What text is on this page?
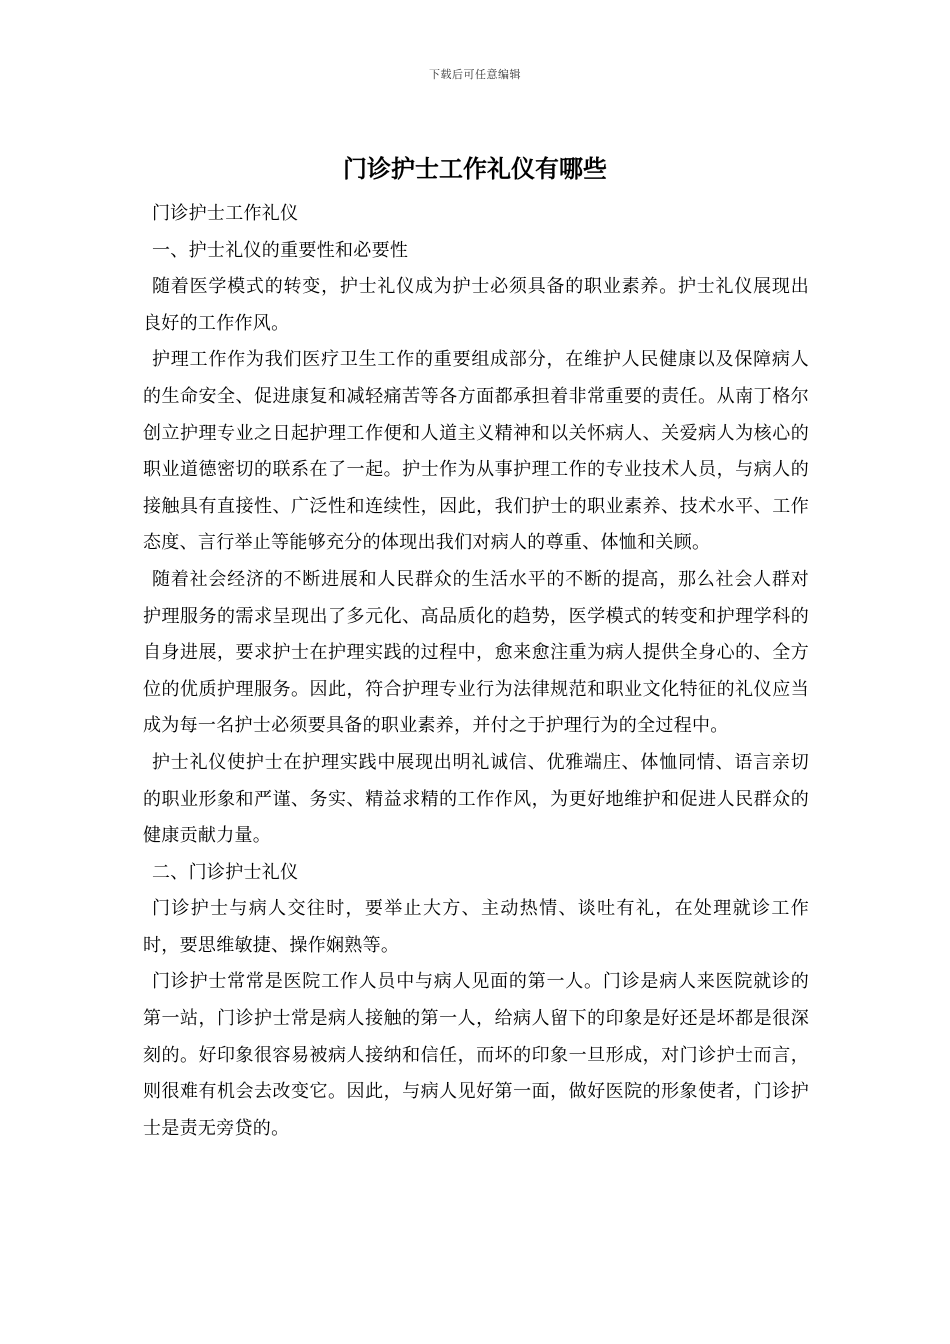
下载后可任意编辑
门诊护士工作礼仪有哪些

门诊护士工作礼仪

一、护士礼仪的重要性和必要性

随着医学模式的转变，护士礼仪成为护士必须具备的职业素养。护士礼仪展现出良好的工作作风。

护理工作作为我们医疗卫生工作的重要组成部分，在维护人民健康以及保障病人的生命安全、促进康复和减轻痛苦等各方面都承担着非常重要的责任。从南丁格尔创立护理专业之日起护理工作便和人道主义精神和以关怀病人、关爱病人为核心的职业道德密切的联系在了一起。护士作为从事护理工作的专业技术人员，与病人的接触具有直接性、广泛性和连续性，因此，我们护士的职业素养、技术水平、工作态度、言行举止等能够充分的体现出我们对病人的尊重、体恤和关顾。

随着社会经济的不断进展和人民群众的生活水平的不断的提高，那么社会人群对护理服务的需求呈现出了多元化、高品质化的趋势，医学模式的转变和护理学科的自身进展，要求护士在护理实践的过程中，愈来愈注重为病人提供全身心的、全方位的优质护理服务。因此，符合护理专业行为法律规范和职业文化特征的礼仪应当成为每一名护士必须要具备的职业素养，并付之于护理行为的全过程中。

护士礼仪使护士在护理实践中展现出明礼诚信、优雅端庄、体恤同情、语言亲切的职业形象和严谨、务实、精益求精的工作作风，为更好地维护和促进人民群众的健康贡献力量。

二、门诊护士礼仪

门诊护士与病人交往时，要举止大方、主动热情、谈吐有礼，在处理就诊工作时，要思维敏捷、操作娴熟等。

门诊护士常常是医院工作人员中与病人见面的第一人。门诊是病人来医院就诊的第一站，门诊护士常是病人接触的第一人，给病人留下的印象是好还是坏都是很深刻的。好印象很容易被病人接纳和信任，而坏的印象一旦形成，对门诊护士而言，则很难有机会去改变它。因此，与病人见好第一面，做好医院的形象使者，门诊护士是责无旁贷的。
